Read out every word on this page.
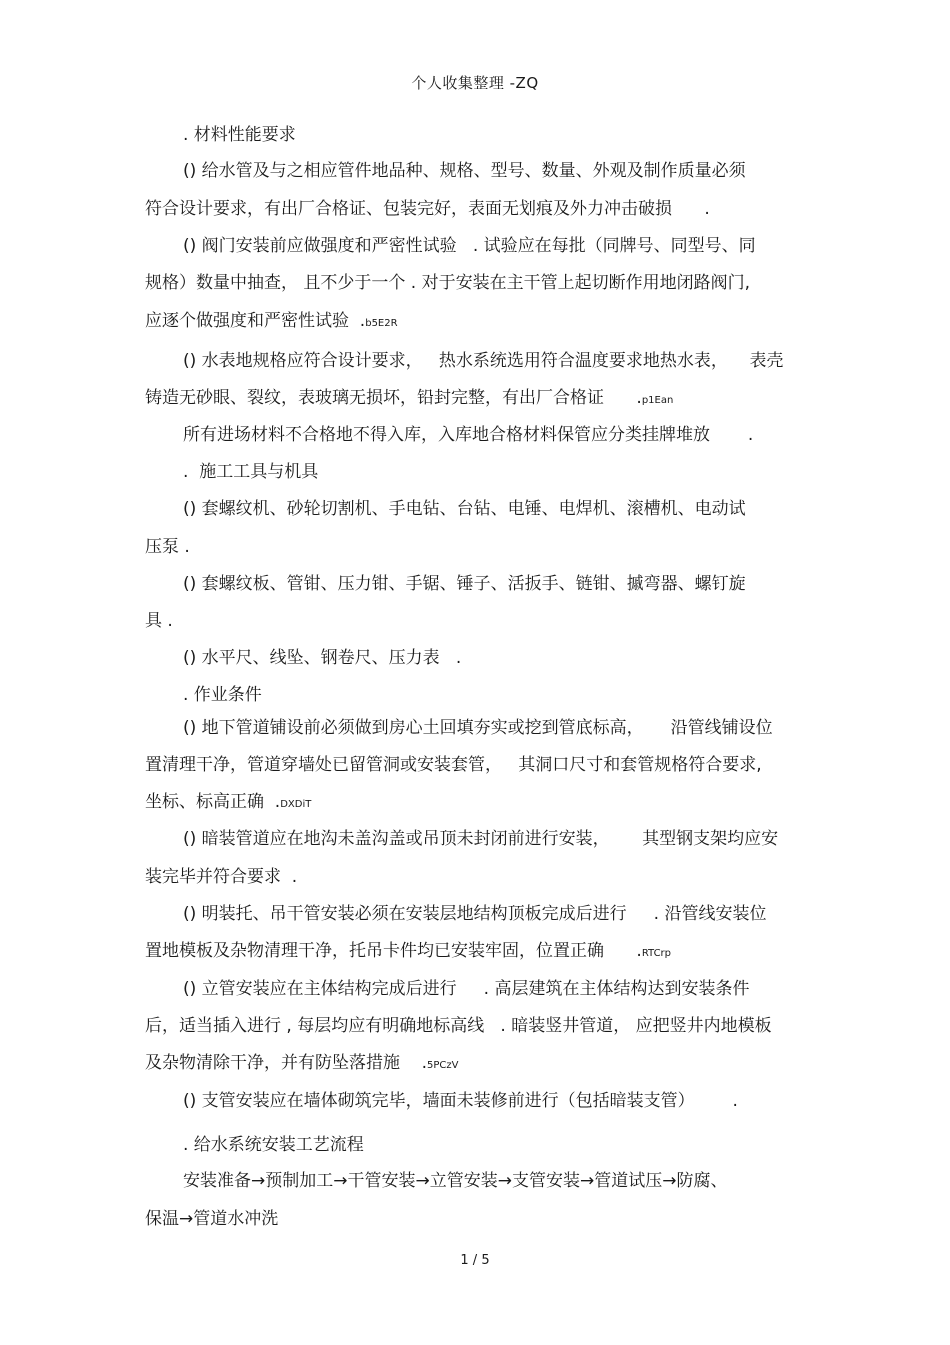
个人收集整理 -ZQ
. 材料性能要求
() 给水管及与之相应管件地品种、规格、型号、数量、外观及制作质量必须
符合设计要求，有出厂合格证、包装完好，表面无划痕及外力冲击破损      .
() 阀门安装前应做强度和严密性试验   . 试验应在每批（同牌号、同型号、同
规格）数量中抽查， 且不少于一个 . 对于安装在主干管上起切断作用地闭路阀门,
应逐个做强度和严密性试验  .b5E2R
() 水表地规格应符合设计要求，   热水系统选用符合温度要求地热水表，    表壳
铸造无砂眼、裂纹，表玻璃无损坏，铅封完整，有出厂合格证      .p1Ean
所有进场材料不合格地不得入库，入库地合格材料保管应分类挂牌堆放       .
.  施工工具与机具
() 套螺纹机、砂轮切割机、手电钻、台钻、电锤、电焊机、滚槽机、电动试
压泵 .
() 套螺纹板、管钳、压力钳、手锯、锤子、活扳手、链钳、摵弯器、螺钉旋
具 .
() 水平尺、线坠、钢卷尺、压力表   .
. 作业条件
() 地下管道铺设前必须做到房心土回填夯实或挖到管底标高，     沿管线铺设位
置清理干净，管道穿墙处已留管洞或安装套管，   其洞口尺寸和套管规格符合要求,
坐标、标高正确  .DXDiT
() 暗装管道应在地沟未盖沟盖或吊顶未封闭前进行安装，      其型钢支架均应安
装完毕并符合要求  .
() 明装托、吊干管安装必须在安装层地结构顶板完成后进行     . 沿管线安装位
置地模板及杂物清理干净，托吊卡件均已安装牢固，位置正确      .RTCrp
() 立管安装应在主体结构完成后进行     . 高层建筑在主体结构达到安装条件
后，适当插入进行 , 每层均应有明确地标高线   . 暗装竖井管道， 应把竖井内地模板
及杂物清除干净，并有防坠落措施    .5PCzV
() 支管安装应在墙体砌筑完毕，墙面未装修前进行（包括暗装支管）       .
. 给水系统安装工艺流程
安装准备→预制加工→干管安装→立管安装→支管安装→管道试压→防腐、
保温→管道水冲洗
1 / 5
